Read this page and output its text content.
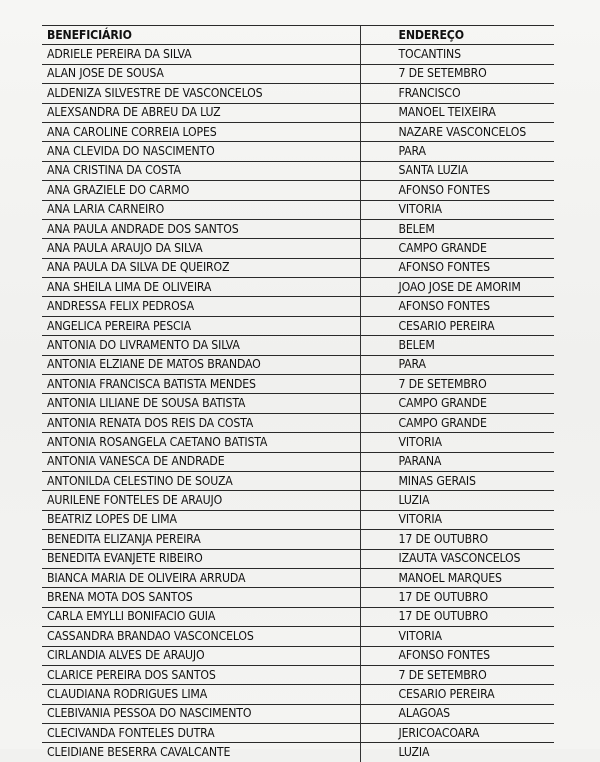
BENEFICIÁRIO	ENDEREÇO
ADRIELE PEREIRA DA SILVA	TOCANTINS
ALAN JOSE DE SOUSA	7 DE SETEMBRO
ALDENIZA SILVESTRE DE VASCONCELOS	FRANCISCO
ALEXSANDRA DE ABREU DA LUZ	MANOEL TEIXEIRA
ANA CAROLINE CORREIA LOPES	NAZARE VASCONCELOS
ANA CLEVIDA DO NASCIMENTO	PARA
ANA CRISTINA DA COSTA	SANTA LUZIA
ANA GRAZIELE DO CARMO	AFONSO FONTES
ANA LARIA CARNEIRO	VITORIA
ANA PAULA ANDRADE DOS SANTOS	BELEM
ANA PAULA ARAUJO DA SILVA	CAMPO GRANDE
ANA PAULA DA SILVA DE QUEIROZ	AFONSO FONTES
ANA SHEILA LIMA DE OLIVEIRA	JOAO JOSE DE AMORIM
ANDRESSA FELIX PEDROSA	AFONSO FONTES
ANGELICA PEREIRA PESCIA	CESARIO PEREIRA
ANTONIA DO LIVRAMENTO DA SILVA	BELEM
ANTONIA ELZIANE DE MATOS BRANDAO	PARA
ANTONIA FRANCISCA BATISTA MENDES	7 DE SETEMBRO
ANTONIA LILIANE DE SOUSA BATISTA	CAMPO GRANDE
ANTONIA RENATA DOS REIS DA COSTA	CAMPO GRANDE
ANTONIA ROSANGELA CAETANO BATISTA	VITORIA
ANTONIA VANESCA DE ANDRADE	PARANA
ANTONILDA CELESTINO DE SOUZA	MINAS GERAIS
AURILENE FONTELES DE ARAUJO	LUZIA
BEATRIZ LOPES DE LIMA	VITORIA
BENEDITA ELIZANJA PEREIRA	17 DE OUTUBRO
BENEDITA EVANJETE RIBEIRO	IZAUTA VASCONCELOS
BIANCA MARIA DE OLIVEIRA ARRUDA	MANOEL MARQUES
BRENA MOTA DOS SANTOS	17 DE OUTUBRO
CARLA EMYLLI BONIFACIO GUIA	17 DE OUTUBRO
CASSANDRA BRANDAO VASCONCELOS	VITORIA
CIRLANDIA ALVES DE ARAUJO	AFONSO FONTES
CLARICE PEREIRA DOS SANTOS	7 DE SETEMBRO
CLAUDIANA RODRIGUES LIMA	CESARIO PEREIRA
CLEBIVANIA PESSOA DO NASCIMENTO	ALAGOAS
CLECIVANDA FONTELES DUTRA	JERICOACOARA
CLEIDIANE BESERRA CAVALCANTE	LUZIA
